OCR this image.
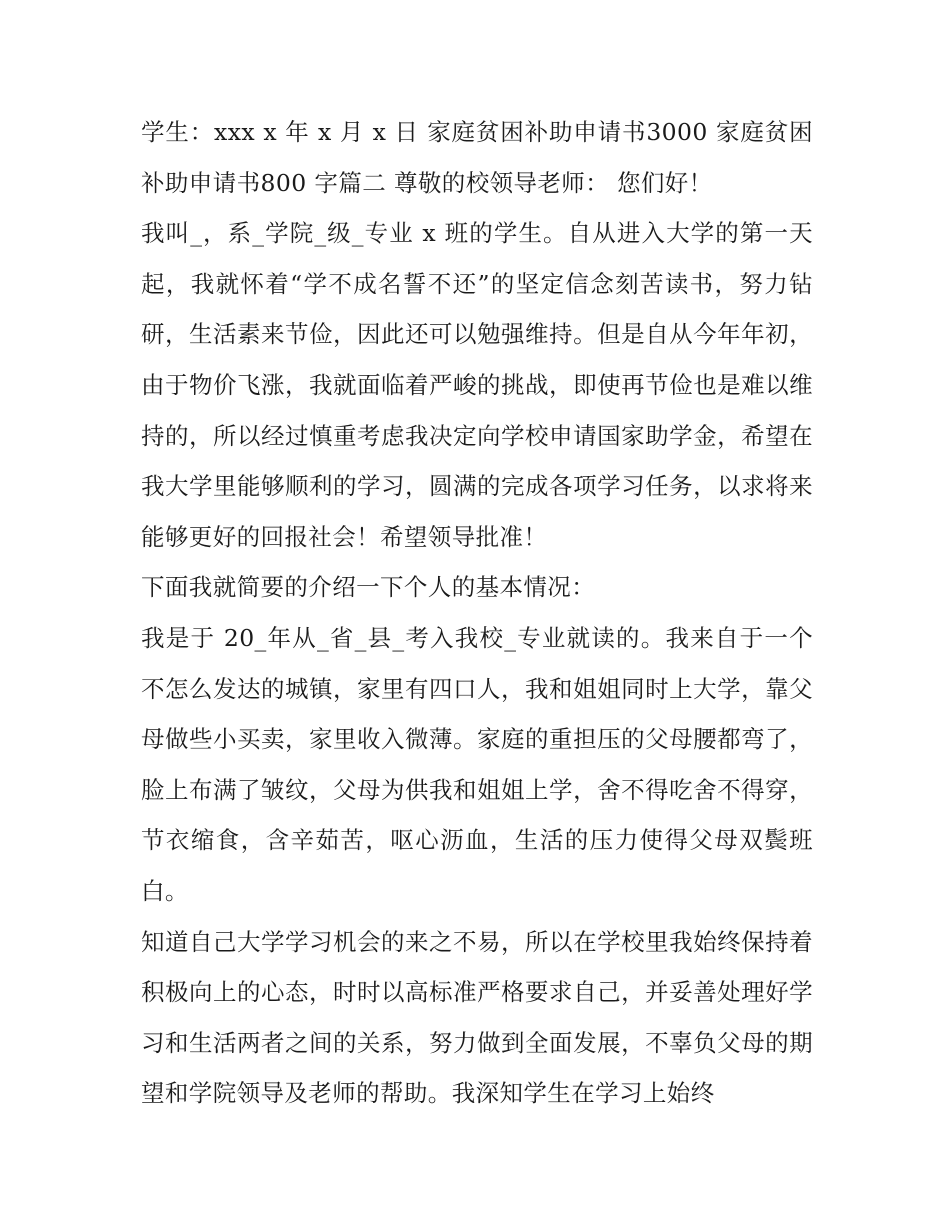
学生：xxx x 年 x 月 x 日 家庭贫困补助申请书3000 家庭贫困补助申请书800 字篇二 尊敬的校领导老师： 您们好！

我叫_，系_学院_级_专业 x 班的学生。自从进入大学的第一天起，我就怀着“学不成名誓不还”的坚定信念刻苦读书，努力钻研，生活素来节俭，因此还可以勉强维持。但是自从今年年初，由于物价飞涨，我就面临着严峻的挑战，即使再节俭也是难以维持的，所以经过慎重考虑我决定向学校申请国家助学金，希望在我大学里能够顺利的学习，圆满的完成各项学习任务，以求将来能够更好的回报社会！希望领导批准！

下面我就简要的介绍一下个人的基本情况：

我是于 20_年从_省_县_考入我校_专业就读的。我来自于一个不怎么发达的城镇，家里有四口人，我和姐姐同时上大学，靠父母做些小买卖，家里收入微薄。家庭的重担压的父母腰都弯了，脸上布满了皱纹，父母为供我和姐姐上学，舍不得吃舍不得穿，节衣缩食，含辛茹苦，呕心沥血，生活的压力使得父母双鬓班白。

知道自己大学学习机会的来之不易，所以在学校里我始终保持着积极向上的心态，时时以高标准严格要求自己，并妥善处理好学习和生活两者之间的关系，努力做到全面发展，不辜负父母的期望和学院领导及老师的帮助。我深知学生在学习上始终
